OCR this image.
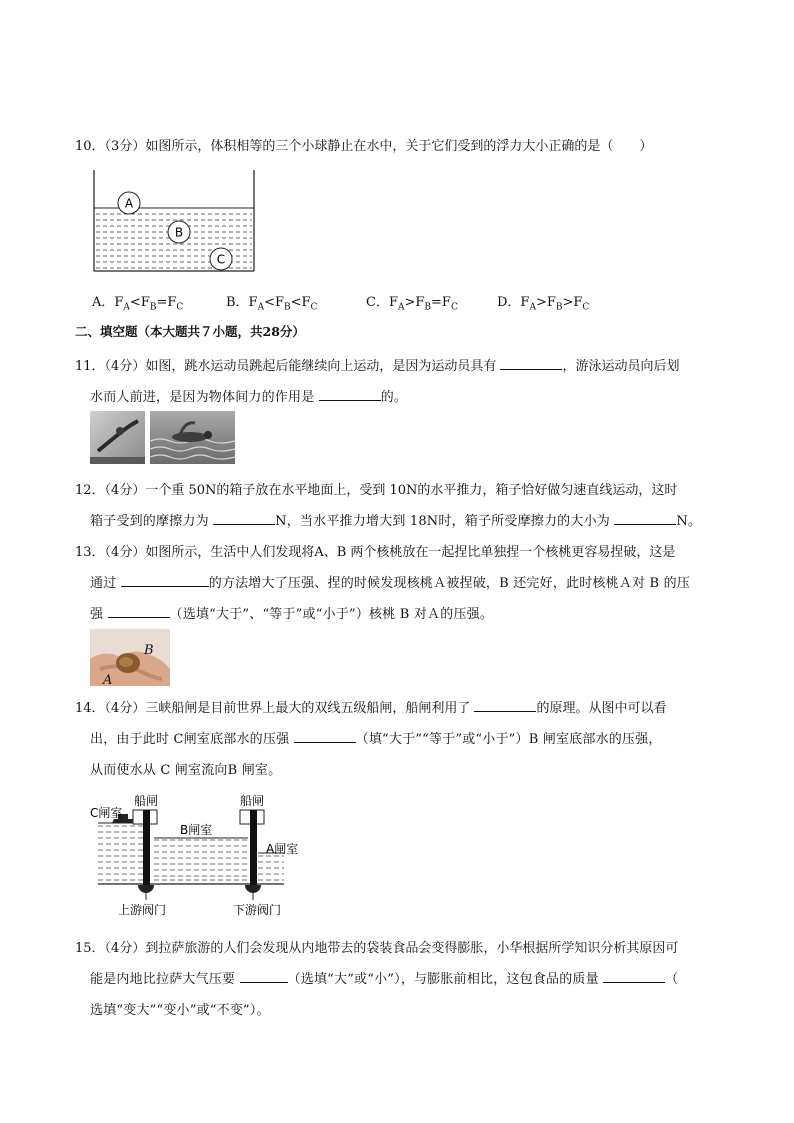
10．（3分）如图所示，体积相等的三个小球静止在水中，关于它们受到的浮力大小正确的是（　　）
A
B
C
A．$F_A<F_B=F_C$	B．$F_A<F_B<F_C$	C．$F_A>F_B=F_C$	D．$F_A>F_B>F_C$
二、填空题（本大题共７小题，共28分）
11．（4分）如图，跳水运动员跳起后能继续向上运动，是因为运动员具有	，游泳运动员向后划
水而人前进，是因为物体间力的作用是	的。
12．（4分）一个重 50N的箱子放在水平地面上，受到 10N的水平推力，箱子恰好做匀速直线运动，这时
箱子受到的摩擦力为	N，当水平推力增大到 18N时，箱子所受摩擦力的大小为	N。
13．（4分）如图所示，生活中人们发现将A、B 两个核桃放在一起捏比单独捏一个核桃更容易捏破，这是
通过	的方法增大了压强、捏的时候发现核桃Ａ被捏破，B 还完好，此时核桃Ａ对 B 的压
强	（选填“大于”、“等于”或“小于”）核桃 B 对Ａ的压强。
B
A
14．（4分）三峡船闸是目前世界上最大的双线五级船闸，船闸利用了	的原理。从图中可以看
出，由于此时 C闸室底部水的压强	（填“大于”“等于”或“小于”）B 闸室底部水的压强，
从而使水从 C 闸室流向B 闸室。
C闸室
船闸	船闸
B闸室
A闸室
上游阀门	下游阀门
15．（4分）到拉萨旅游的人们会发现从内地带去的袋装食品会变得膨胀，小华根据所学知识分析其原因可
能是内地比拉萨大气压要	（选填“大”或“小”），与膨胀前相比，这包食品的质量	（
选填“变大”“变小”或“不变”）。
